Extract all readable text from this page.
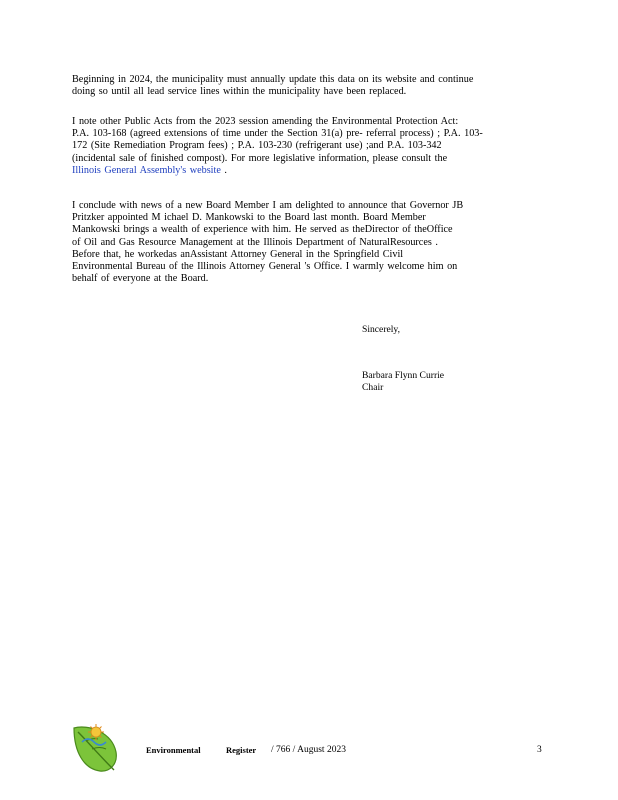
Beginning in 2024, the municipality must annually update this data on its website and continue
doing so until all lead service lines within the municipality have been replaced.
I note other Public Acts from the 2023 session amending the Environmental Protection Act:
P.A. 103-168 (agreed extensions of time under the Section 31(a) pre- referral process) ; P.A. 103-
172 (Site Remediation Program fees) ; P.A. 103-230 (refrigerant use) ;and P.A. 103-342
(incidental sale of finished compost). For more legislative information, please consult the
Illinois General Assembly's website .
I conclude with news of a new Board Member I am delighted to announce that Governor JB
Pritzker appointed M ichael D. Mankowski to the Board last month. Board Member
Mankowski brings a wealth of experience with him. He served as theDirector of theOffice
of Oil and Gas Resource Management at the Illinois Department of NaturalResources .
Before that, he workedas anAssistant Attorney General in the Springfield Civil
Environmental Bureau of the Illinois Attorney General 's Office. I warmly welcome him on
behalf of everyone at the Board.
Sincerely,
Barbara Flynn Currie
Chair
Environmental	Register / 766 / August 2023	3
